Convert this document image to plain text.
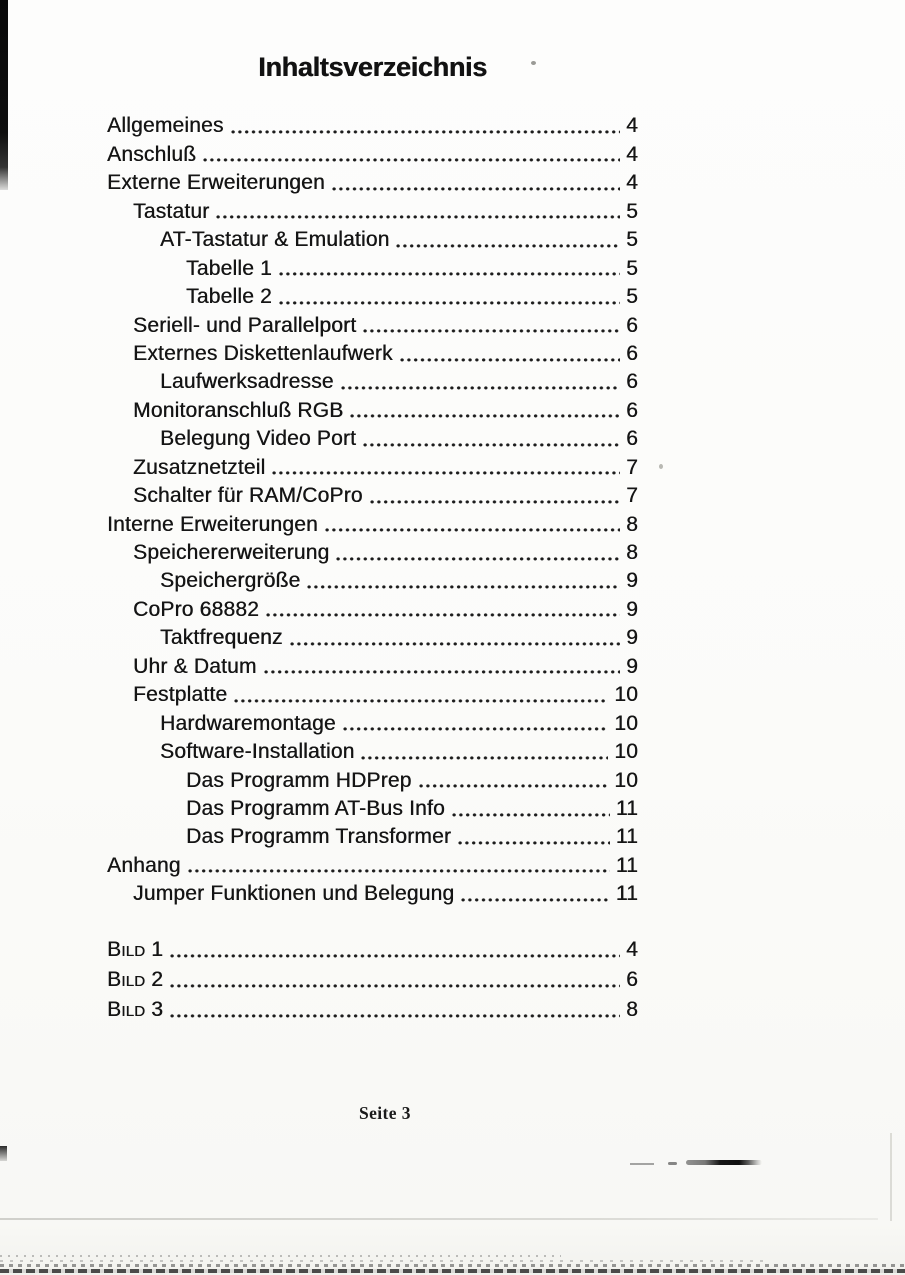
Inhaltsverzeichnis
Allgemeines	4
Anschluß	4
Externe Erweiterungen	4
Tastatur	5
AT-Tastatur & Emulation	5
Tabelle 1	5
Tabelle 2	5
Seriell- und Parallelport	6
Externes Diskettenlaufwerk	6
Laufwerksadresse	6
Monitoranschluß RGB	6
Belegung Video Port	6
Zusatznetzteil	7
Schalter für RAM/CoPro	7
Interne Erweiterungen	8
Speichererweiterung	8
Speichergröße	9
CoPro 68882	9
Taktfrequenz	9
Uhr & Datum	9
Festplatte	10
Hardwaremontage	10
Software-Installation	10
Das Programm HDPrep	10
Das Programm AT-Bus Info	11
Das Programm Transformer	11
Anhang	11
Jumper Funktionen und Belegung	11
Bild 1	4
Bild 2	6
Bild 3	8
Seite 3
